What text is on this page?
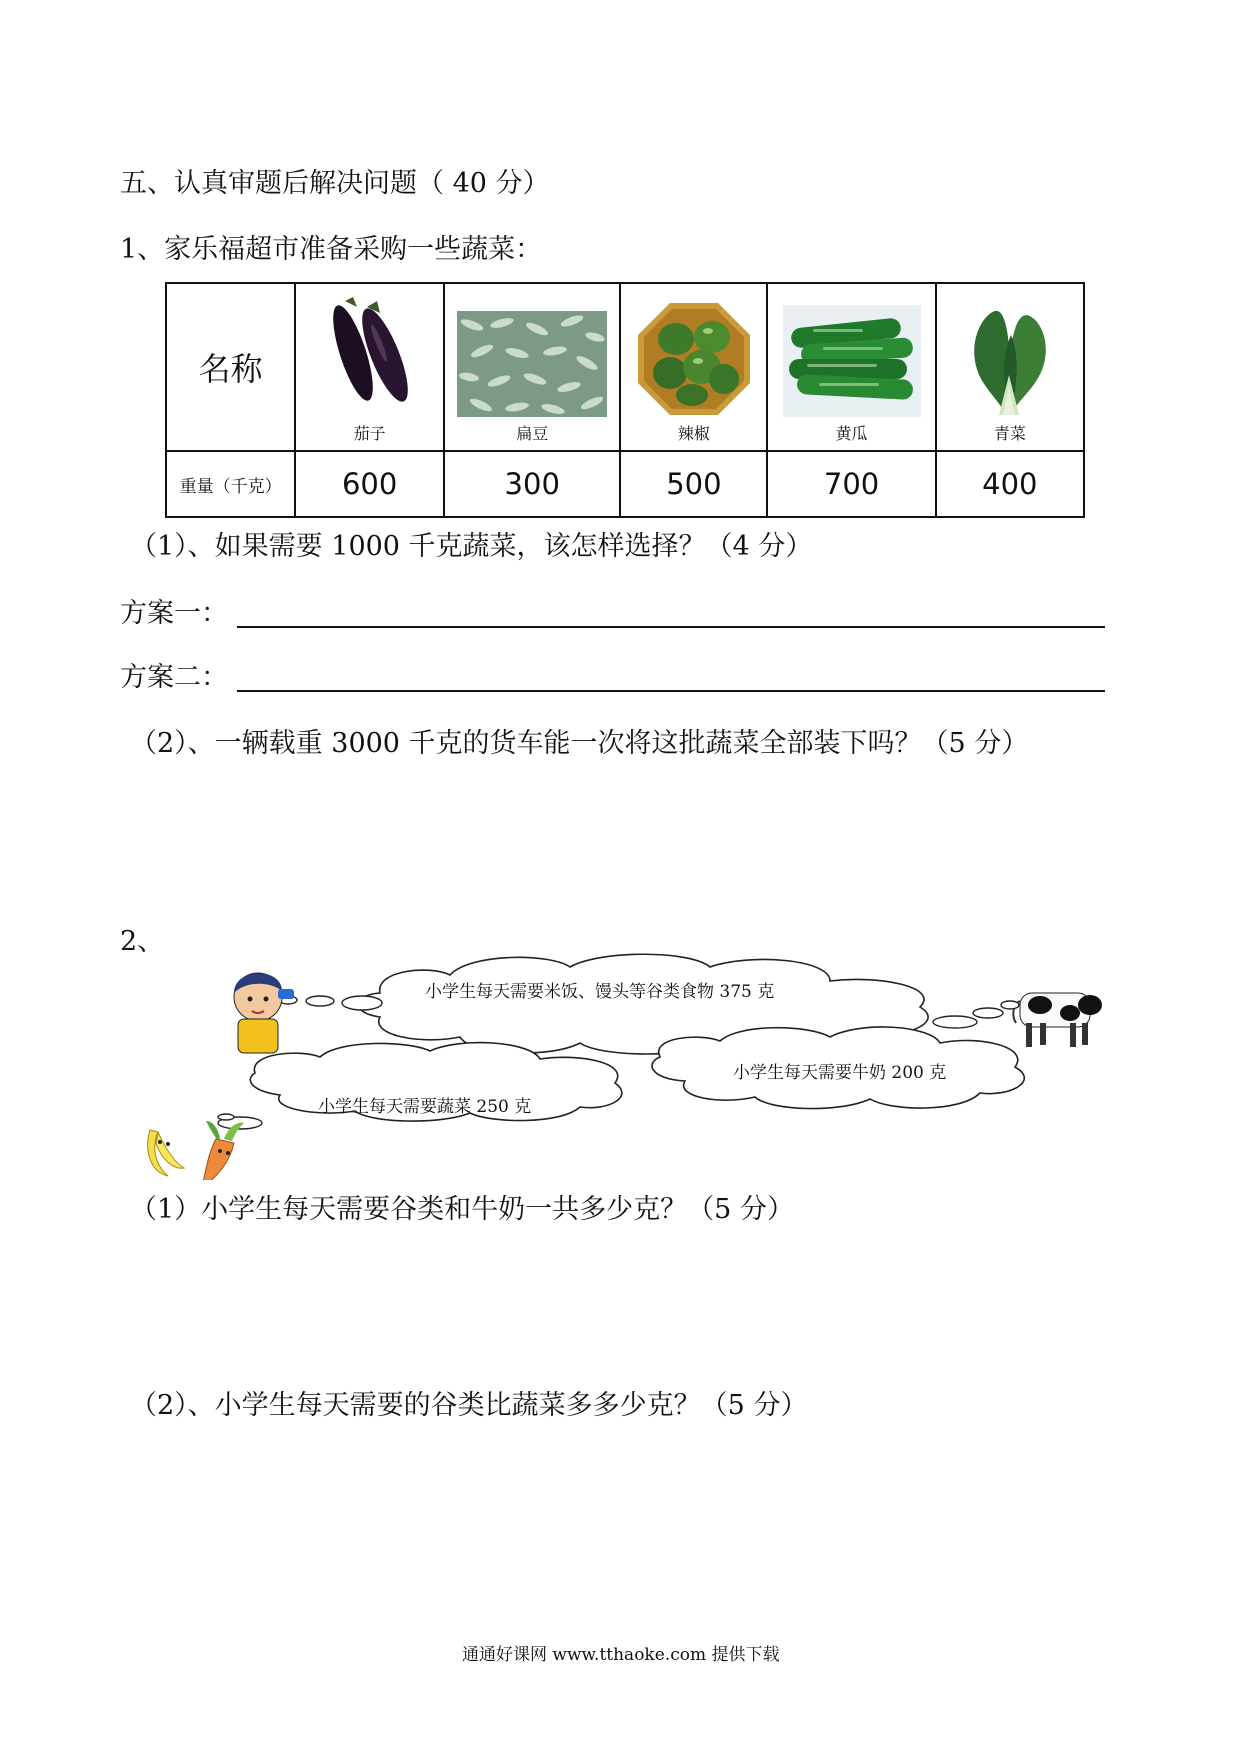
五、认真审题后解决问题（ 40 分）
1、家乐福超市准备采购一些蔬菜：
名称	茄子	扁豆	辣椒	黄瓜	青菜

重量（千克）	600	300	500	700	400
（1）、如果需要 1000 千克蔬菜，该怎样选择？（4 分）
方案一：
方案二：
（2）、一辆载重 3000 千克的货车能一次将这批蔬菜全部装下吗？（5 分）
2、
小学生每天需要米饭、馒头等谷类食物 375 克
小学生每天需要牛奶 200 克
小学生每天需要蔬菜 250 克
（1）小学生每天需要谷类和牛奶一共多少克？（5 分）
（2）、小学生每天需要的谷类比蔬菜多多少克？（5 分）
通通好课网 www.tthaoke.com 提供下载
